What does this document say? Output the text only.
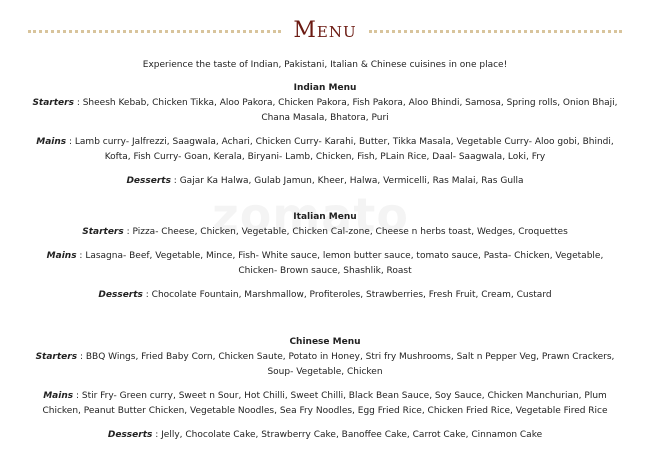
Menu

Experience the taste of Indian, Pakistani, Italian & Chinese cuisines in one place!

Indian Menu

Starters : Sheesh Kebab, Chicken Tikka, Aloo Pakora, Chicken Pakora, Fish Pakora, Aloo Bhindi, Samosa, Spring rolls, Onion Bhaji, Chana Masala, Bhatora, Puri

Mains : Lamb curry- Jalfrezzi, Saagwala, Achari, Chicken Curry- Karahi, Butter, Tikka Masala, Vegetable Curry- Aloo gobi, Bhindi, Kofta, Fish Curry- Goan, Kerala, Biryani- Lamb, Chicken, Fish, PLain Rice, Daal- Saagwala, Loki, Fry

Desserts : Gajar Ka Halwa, Gulab Jamun, Kheer, Halwa, Vermicelli, Ras Malai, Ras Gulla

Italian Menu

Starters : Pizza- Cheese, Chicken, Vegetable, Chicken Cal-zone, Cheese n herbs toast, Wedges, Croquettes

Mains : Lasagna- Beef, Vegetable, Mince, Fish- White sauce, lemon butter sauce, tomato sauce, Pasta- Chicken, Vegetable, Chicken- Brown sauce, Shashlik, Roast

Desserts : Chocolate Fountain, Marshmallow, Profiteroles, Strawberries, Fresh Fruit, Cream, Custard

Chinese Menu

Starters : BBQ Wings, Fried Baby Corn, Chicken Saute, Potato in Honey, Stri fry Mushrooms, Salt n Pepper Veg, Prawn Crackers, Soup- Vegetable, Chicken

Mains : Stir Fry- Green curry, Sweet n Sour, Hot Chilli, Sweet Chilli, Black Bean Sauce, Soy Sauce, Chicken Manchurian, Plum Chicken, Peanut Butter Chicken, Vegetable Noodles, Sea Fry Noodles, Egg Fried Rice, Chicken Fried Rice, Vegetable Fired Rice

Desserts : Jelly, Chocolate Cake, Strawberry Cake, Banoffee Cake, Carrot Cake, Cinnamon Cake
